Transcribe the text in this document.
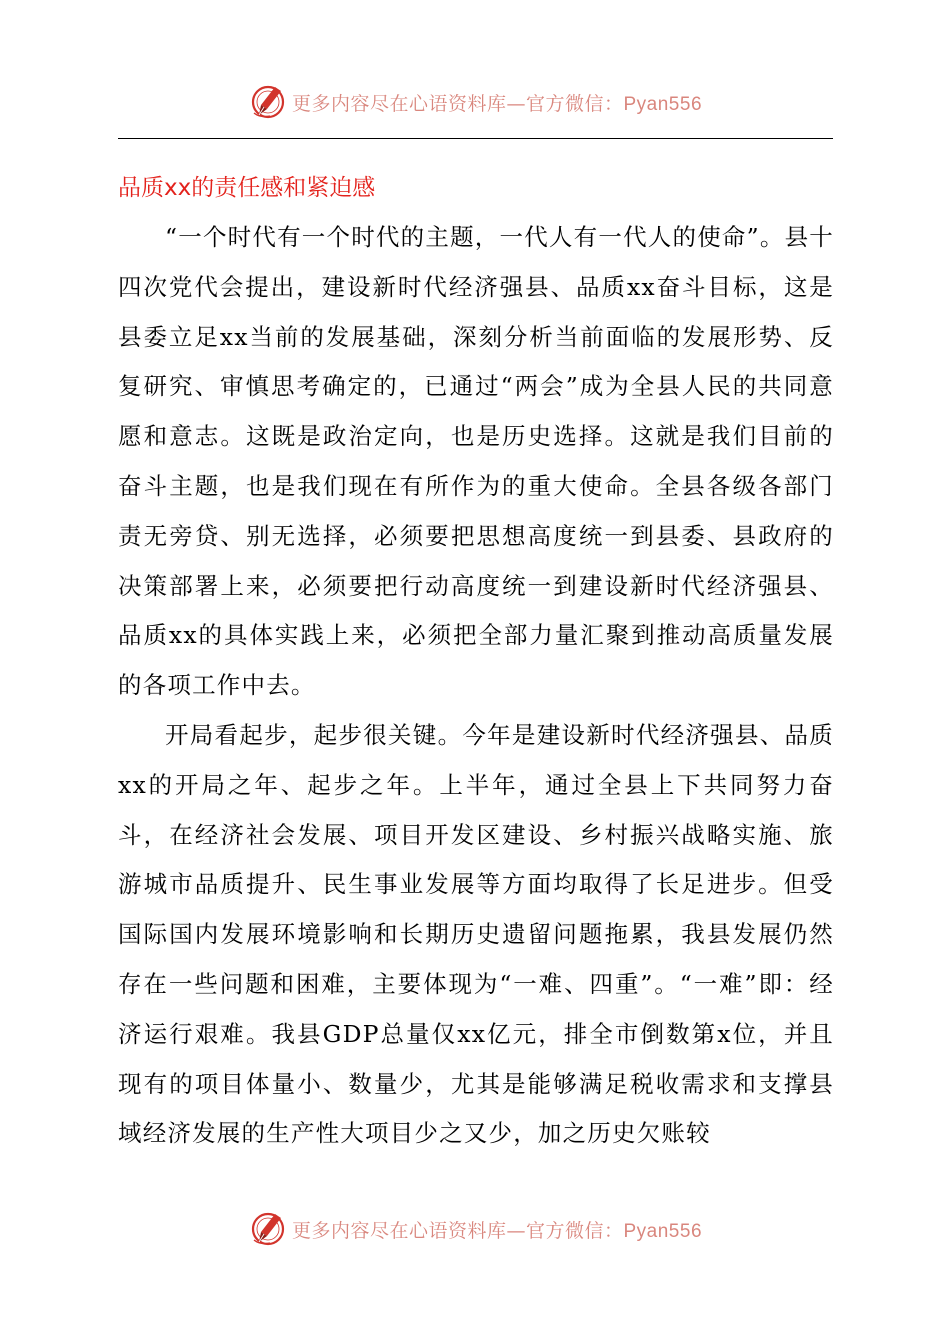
更多内容尽在心语资料库—官方微信：Pyan556
品质xx的责任感和紧迫感

“一个时代有一个时代的主题，一代人有一代人的使命”。县十四次党代会提出，建设新时代经济强县、品质xx奋斗目标，这是县委立足xx当前的发展基础，深刻分析当前面临的发展形势、反复研究、审慎思考确定的，已通过“两会”成为全县人民的共同意愿和意志。这既是政治定向，也是历史选择。这就是我们目前的奋斗主题，也是我们现在有所作为的重大使命。全县各级各部门责无旁贷、别无选择，必须要把思想高度统一到县委、县政府的决策部署上来，必须要把行动高度统一到建设新时代经济强县、品质xx的具体实践上来，必须把全部力量汇聚到推动高质量发展的各项工作中去。

开局看起步，起步很关键。今年是建设新时代经济强县、品质xx的开局之年、起步之年。上半年，通过全县上下共同努力奋斗，在经济社会发展、项目开发区建设、乡村振兴战略实施、旅游城市品质提升、民生事业发展等方面均取得了长足进步。但受国际国内发展环境影响和长期历史遗留问题拖累，我县发展仍然存在一些问题和困难，主要体现为“一难、四重”。“一难”即：经济运行艰难。我县GDP总量仅xx亿元，排全市倒数第x位，并且现有的项目体量小、数量少，尤其是能够满足税收需求和支撑县域经济发展的生产性大项目少之又少，加之历史欠账较

更多内容尽在心语资料库—官方微信：Pyan556
